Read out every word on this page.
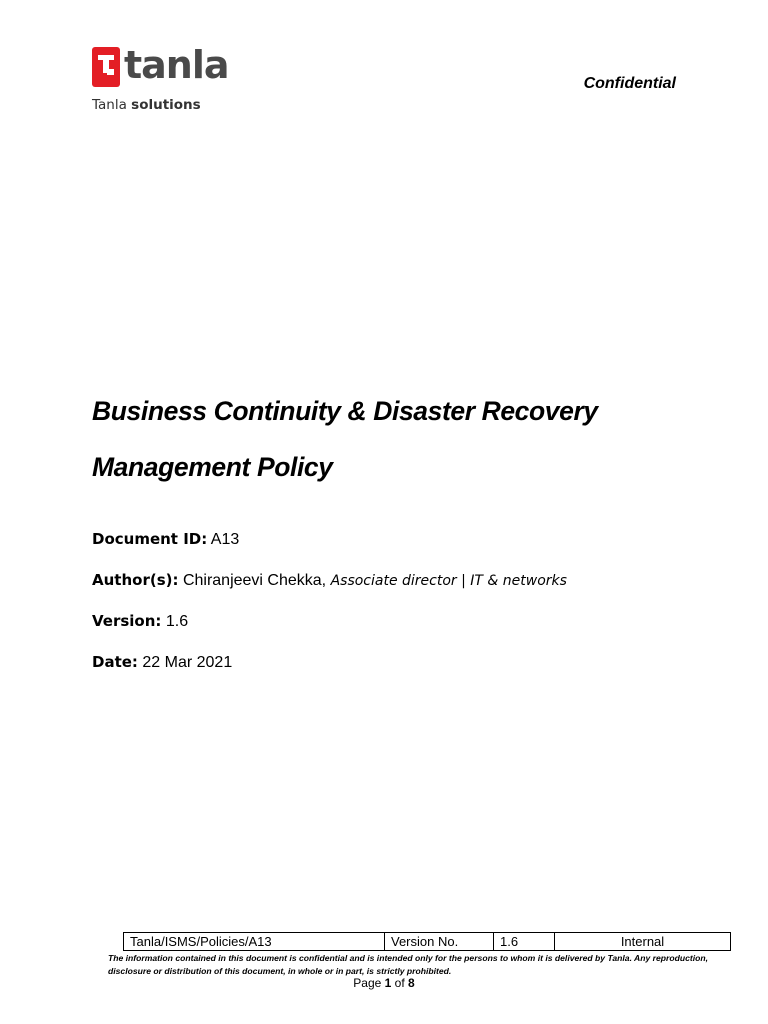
tanla
Tanla solutions
Confidential
Business Continuity & Disaster Recovery
Management Policy
Document ID: A13
Author(s): Chiranjeevi Chekka, Associate director | IT & networks
Version: 1.6
Date: 22 Mar 2021
Tanla/ISMS/Policies/A13	Version No.	1.6	Internal
The information contained in this document is confidential and is intended only for the persons to whom it is delivered by Tanla. Any reproduction, disclosure or distribution of this document, in whole or in part, is strictly prohibited.
Page 1 of 8
